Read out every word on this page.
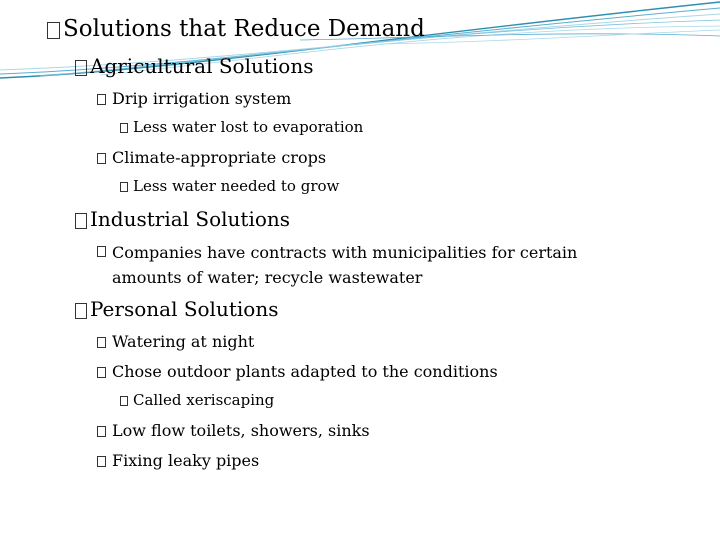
Solutions that Reduce Demand
Agricultural Solutions
Drip irrigation system
Less water lost to evaporation
Climate-appropriate crops
Less water needed to grow
Industrial Solutions
Companies have contracts with municipalities for certain amounts of water; recycle wastewater
Personal Solutions
Watering at night
Chose outdoor plants adapted to the conditions
Called xeriscaping
Low flow toilets, showers, sinks
Fixing leaky pipes
